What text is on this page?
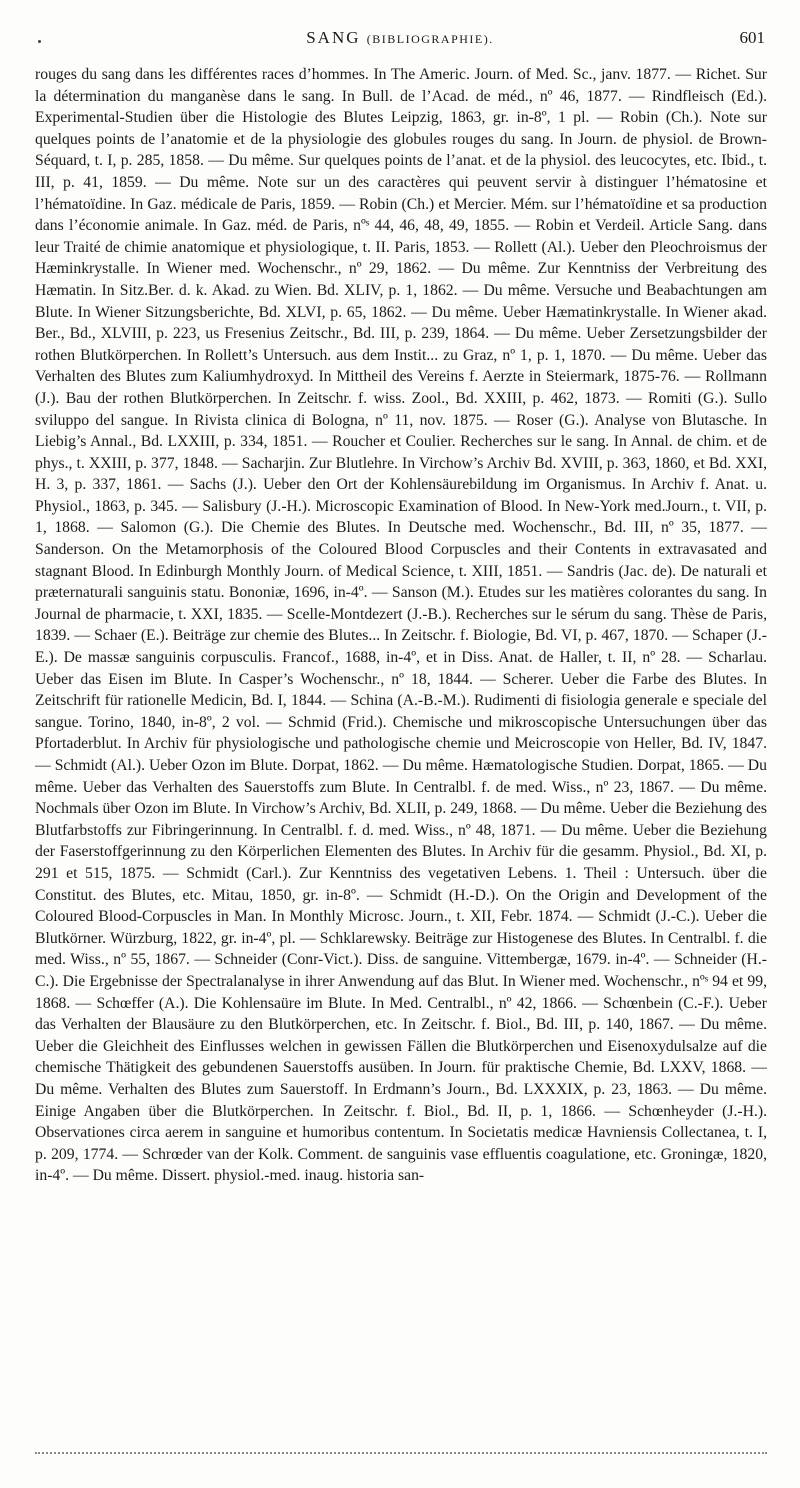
SANG (BIBLIOGRAPHIE).	601

rouges du sang dans les différentes races d’hommes. In The Americ. Journ. of Med. Sc., janv. 1877. — Richet. Sur la détermination du manganèse dans le sang. In Bull. de l’Acad. de méd., nº 46, 1877. — Rindfleisch (Ed.). Experimental-Studien über die Histologie des Blutes Leipzig, 1863, gr. in-8º, 1 pl. — Robin (Ch.). Note sur quelques points de l’anatomie et de la physiologie des globules rouges du sang. In Journ. de physiol. de Brown-Séquard, t. I, p. 285, 1858. — Du même. Sur quelques points de l’anat. et de la physiol. des leucocytes, etc. Ibid., t. III, p. 41, 1859. — Du même. Note sur un des caractères qui peuvent servir à distinguer l’hématosine et l’hématoïdine. In Gaz. médicale de Paris, 1859. — Robin (Ch.) et Mercier. Mém. sur l’hématoïdine et sa production dans l’économie animale. In Gaz. méd. de Paris, nºˢ 44, 46, 48, 49, 1855. — Robin et Verdeil. Article Sang. dans leur Traité de chimie anatomique et physiologique, t. II. Paris, 1853. — Rollett (Al.). Ueber den Pleochroismus der Hæminkrystalle. In Wiener med. Wochenschr., nº 29, 1862. — Du même. Zur Kenntniss der Verbreitung des Hæmatin. In Sitz.Ber. d. k. Akad. zu Wien. Bd. XLIV, p. 1, 1862. — Du même. Versuche und Beabachtungen am Blute. In Wiener Sitzungsberichte, Bd. XLVI, p. 65, 1862. — Du même. Ueber Hæmatinkrystalle. In Wiener akad. Ber., Bd., XLVIII, p. 223, us Fresenius Zeitschr., Bd. III, p. 239, 1864. — Du même. Ueber Zersetzungsbilder der rothen Blutkörperchen. In Rollett’s Untersuch. aus dem Instit... zu Graz, nº 1, p. 1, 1870. — Du même. Ueber das Verhalten des Blutes zum Kaliumhydroxyd. In Mittheil des Vereins f. Aerzte in Steiermark, 1875-76. — Rollmann (J.). Bau der rothen Blutkörperchen. In Zeitschr. f. wiss. Zool., Bd. XXIII, p. 462, 1873. — Romiti (G.). Sullo sviluppo del sangue. In Rivista clinica di Bologna, nº 11, nov. 1875. — Roser (G.). Analyse von Blutasche. In Liebig’s Annal., Bd. LXXIII, p. 334, 1851. — Roucher et Coulier. Recherches sur le sang. In Annal. de chim. et de phys., t. XXIII, p. 377, 1848. — Sacharjin. Zur Blutlehre. In Virchow’s Archiv Bd. XVIII, p. 363, 1860, et Bd. XXI, H. 3, p. 337, 1861. — Sachs (J.). Ueber den Ort der Kohlensäurebildung im Organismus. In Archiv f. Anat. u. Physiol., 1863, p. 345. — Salisbury (J.-H.). Microscopic Examination of Blood. In New-York med.Journ., t. VII, p. 1, 1868. — Salomon (G.). Die Chemie des Blutes. In Deutsche med. Wochenschr., Bd. III, nº 35, 1877. — Sanderson. On the Metamorphosis of the Coloured Blood Corpuscles and their Contents in extravasated and stagnant Blood. In Edinburgh Monthly Journ. of Medical Science, t. XIII, 1851. — Sandris (Jac. de). De naturali et præternaturali sanguinis statu. Bononiæ, 1696, in-4º. — Sanson (M.). Etudes sur les matières colorantes du sang. In Journal de pharmacie, t. XXI, 1835. — Scelle-Montdezert (J.-B.). Recherches sur le sérum du sang. Thèse de Paris, 1839. — Schaer (E.). Beiträge zur chemie des Blutes... In Zeitschr. f. Biologie, Bd. VI, p. 467, 1870. — Schaper (J.-E.). De massæ sanguinis corpusculis. Francof., 1688, in-4º, et in Diss. Anat. de Haller, t. II, nº 28. — Scharlau. Ueber das Eisen im Blute. In Casper’s Wochenschr., nº 18, 1844. — Scherer. Ueber die Farbe des Blutes. In Zeitschrift für rationelle Medicin, Bd. I, 1844. — Schina (A.-B.-M.). Rudimenti di fisiologia generale e speciale del sangue. Torino, 1840, in-8º, 2 vol. — Schmid (Frid.). Chemische und mikroscopische Untersuchungen über das Pfortaderblut. In Archiv für physiologische und pathologische chemie und Meicroscopie von Heller, Bd. IV, 1847. — Schmidt (Al.). Ueber Ozon im Blute. Dorpat, 1862. — Du même. Hæmatologische Studien. Dorpat, 1865. — Du même. Ueber das Verhalten des Sauerstoffs zum Blute. In Centralbl. f. de med. Wiss., nº 23, 1867. — Du même. Nochmals über Ozon im Blute. In Virchow’s Archiv, Bd. XLII, p. 249, 1868. — Du même. Ueber die Beziehung des Blutfarbstoffs zur Fibringerinnung. In Centralbl. f. d. med. Wiss., nº 48, 1871. — Du même. Ueber die Beziehung der Faserstoffgerinnung zu den Körperlichen Elementen des Blutes. In Archiv für die gesamm. Physiol., Bd. XI, p. 291 et 515, 1875. — Schmidt (Carl.). Zur Kenntniss des vegetativen Lebens. 1. Theil : Untersuch. über die Constitut. des Blutes, etc. Mitau, 1850, gr. in-8º. — Schmidt (H.-D.). On the Origin and Development of the Coloured Blood-Corpuscles in Man. In Monthly Microsc. Journ., t. XII, Febr. 1874. — Schmidt (J.-C.). Ueber die Blutkörner. Würzburg, 1822, gr. in-4º, pl. — Schklarewsky. Beiträge zur Histogenese des Blutes. In Centralbl. f. die med. Wiss., nº 55, 1867. — Schneider (Conr-Vict.). Diss. de sanguine. Vittembergæ, 1679. in-4º. — Schneider (H.-C.). Die Ergebnisse der Spectralanalyse in ihrer Anwendung auf das Blut. In Wiener med. Wochenschr., nºˢ 94 et 99, 1868. — Schœffer (A.). Die Kohlensaüre im Blute. In Med. Centralbl., nº 42, 1866. — Schœnbein (C.-F.). Ueber das Verhalten der Blausäure zu den Blutkörperchen, etc. In Zeitschr. f. Biol., Bd. III, p. 140, 1867. — Du même. Ueber die Gleichheit des Einflusses welchen in gewissen Fällen die Blutkörperchen und Eisenoxydulsalze auf die chemische Thätigkeit des gebundenen Sauerstoffs ausüben. In Journ. für praktische Chemie, Bd. LXXV, 1868. — Du même. Verhalten des Blutes zum Sauerstoff. In Erdmann’s Journ., Bd. LXXXIX, p. 23, 1863. — Du même. Einige Angaben über die Blutkörperchen. In Zeitschr. f. Biol., Bd. II, p. 1, 1866. — Schœnheyder (J.-H.). Observationes circa aerem in sanguine et humoribus contentum. In Societatis medicæ Havniensis Collectanea, t. I, p. 209, 1774. — Schrœder van der Kolk. Comment. de sanguinis vase effluentis coagulatione, etc. Groningæ, 1820, in-4º. — Du même. Dissert. physiol.-med. inaug. historia san-
